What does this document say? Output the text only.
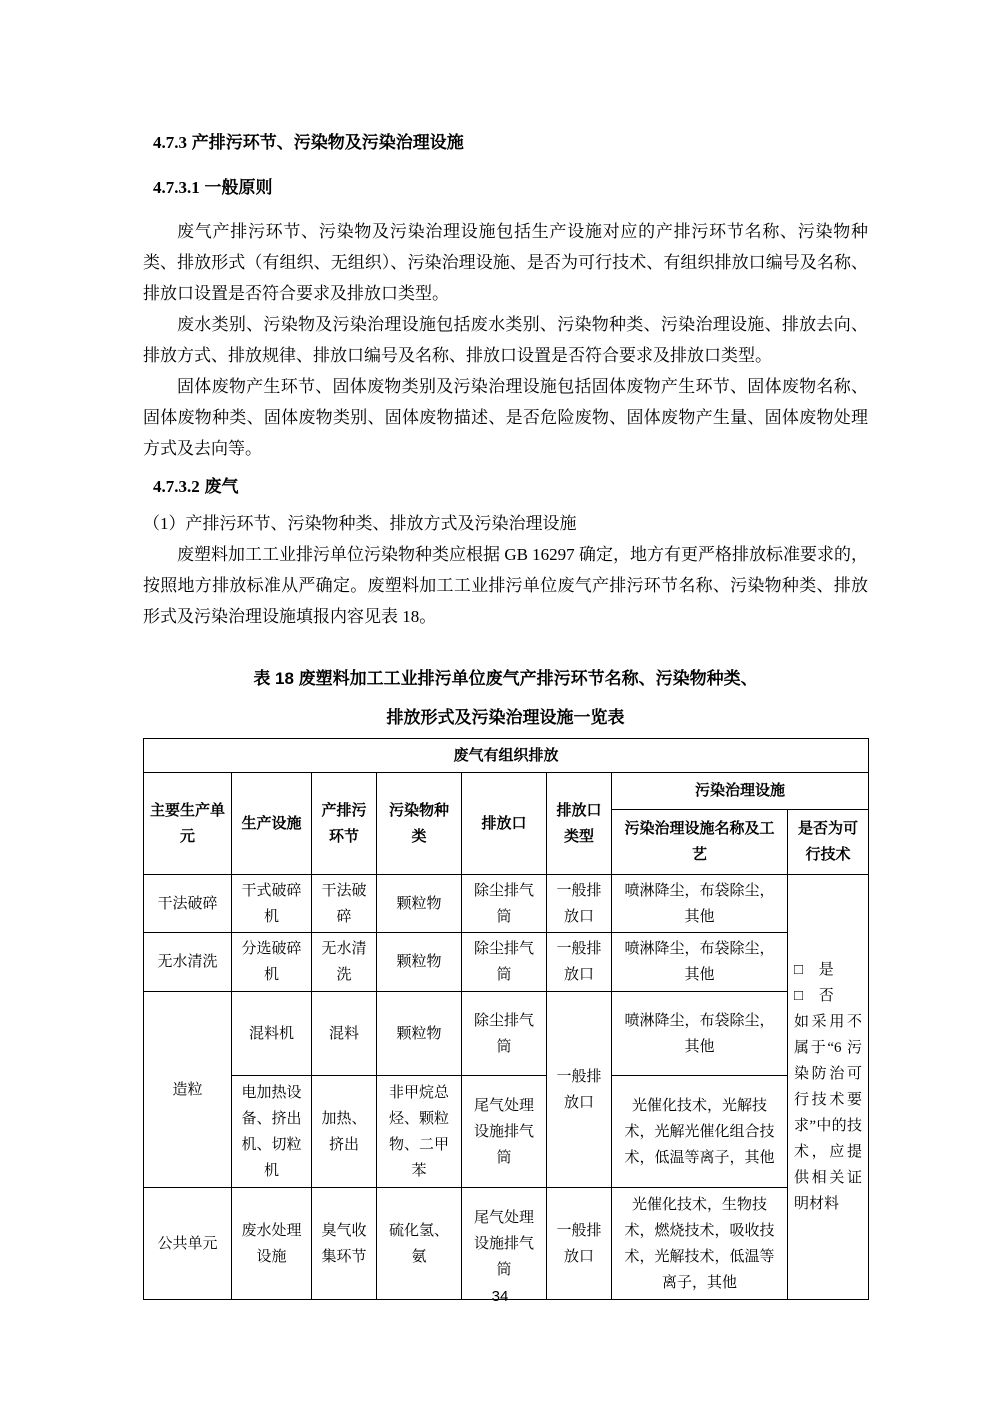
4.7.3 产排污环节、污染物及污染治理设施
4.7.3.1 一般原则

废气产排污环节、污染物及污染治理设施包括生产设施对应的产排污环节名称、污染物种类、排放形式（有组织、无组织）、污染治理设施、是否为可行技术、有组织排放口编号及名称、排放口设置是否符合要求及排放口类型。

废水类别、污染物及污染治理设施包括废水类别、污染物种类、污染治理设施、排放去向、排放方式、排放规律、排放口编号及名称、排放口设置是否符合要求及排放口类型。

固体废物产生环节、固体废物类别及污染治理设施包括固体废物产生环节、固体废物名称、固体废物种类、固体废物类别、固体废物描述、是否危险废物、固体废物产生量、固体废物处理方式及去向等。

4.7.3.2 废气

（1）产排污环节、污染物种类、排放方式及污染治理设施

废塑料加工工业排污单位污染物种类应根据 GB 16297 确定，地方有更严格排放标准要求的，按照地方排放标准从严确定。废塑料加工工业排污单位废气产排污环节名称、污染物种类、排放形式及污染治理设施填报内容见表 18。

表 18 废塑料加工工业排污单位废气产排污环节名称、污染物种类、
排放形式及污染治理设施一览表
废气有组织排放							
主要生产单元	生产设施	产排污环节	污染物种类	排放口	排放口类型	污染治理设施	
						污染治理设施名称及工艺	是否为可行技术
干法破碎	干式破碎机	干法破碎	颗粒物	除尘排气筒	一般排放口	喷淋降尘，布袋除尘，其他	□ 是
□ 否
如采用不属于“6 污染防治可行技术要求”中的技术，应提供相关证明材料

无水清洗	分选破碎机	无水清洗	颗粒物	除尘排气筒	一般排放口	喷淋降尘，布袋除尘，其他	
造粒	混料机	混料	颗粒物	除尘排气筒	一般排放口	喷淋降尘，布袋除尘，其他	
	电加热设备、挤出机、切粒机	加热、挤出	非甲烷总烃、颗粒物、二甲苯	尾气处理设施排气筒		光催化技术，光解技术，光解光催化组合技术，低温等离子，其他	
公共单元	废水处理设施	臭气收集环节	硫化氢、氨	尾气处理设施排气筒	一般排放口	光催化技术，生物技术，燃烧技术，吸收技术，光解技术，低温等离子，其他	
34
